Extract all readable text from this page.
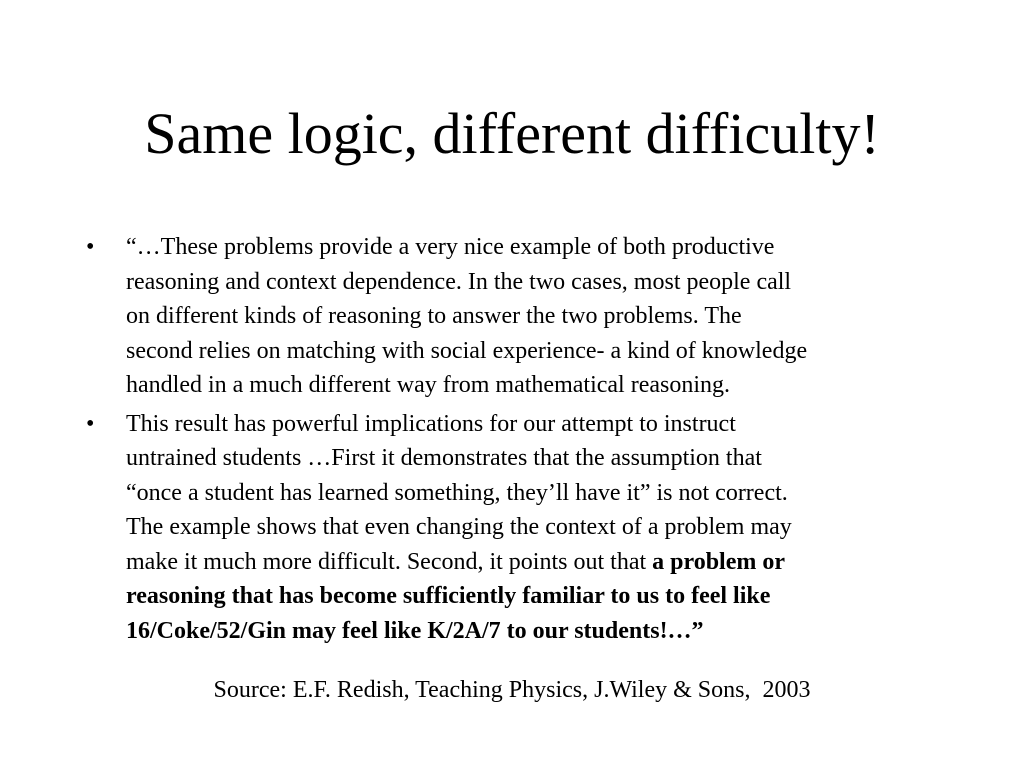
Same logic, different difficulty!
•	“…These problems provide a very nice example of both productive
reasoning and context dependence. In the two cases, most people call
on different kinds of reasoning to answer the two problems. The
second relies on matching with social experience- a kind of knowledge
handled in a much different way from mathematical reasoning.
•	This result has powerful implications for our attempt to instruct
untrained students …First it demonstrates that the assumption that
“once a student has learned something, they’ll have it” is not correct.
The example shows that even changing the context of a problem may
make it much more difficult. Second, it points out that a problem or
reasoning that has become sufficiently familiar to us to feel like
16/Coke/52/Gin may feel like K/2A/7 to our students!…”
Source: E.F. Redish, Teaching Physics, J.Wiley & Sons,  2003
